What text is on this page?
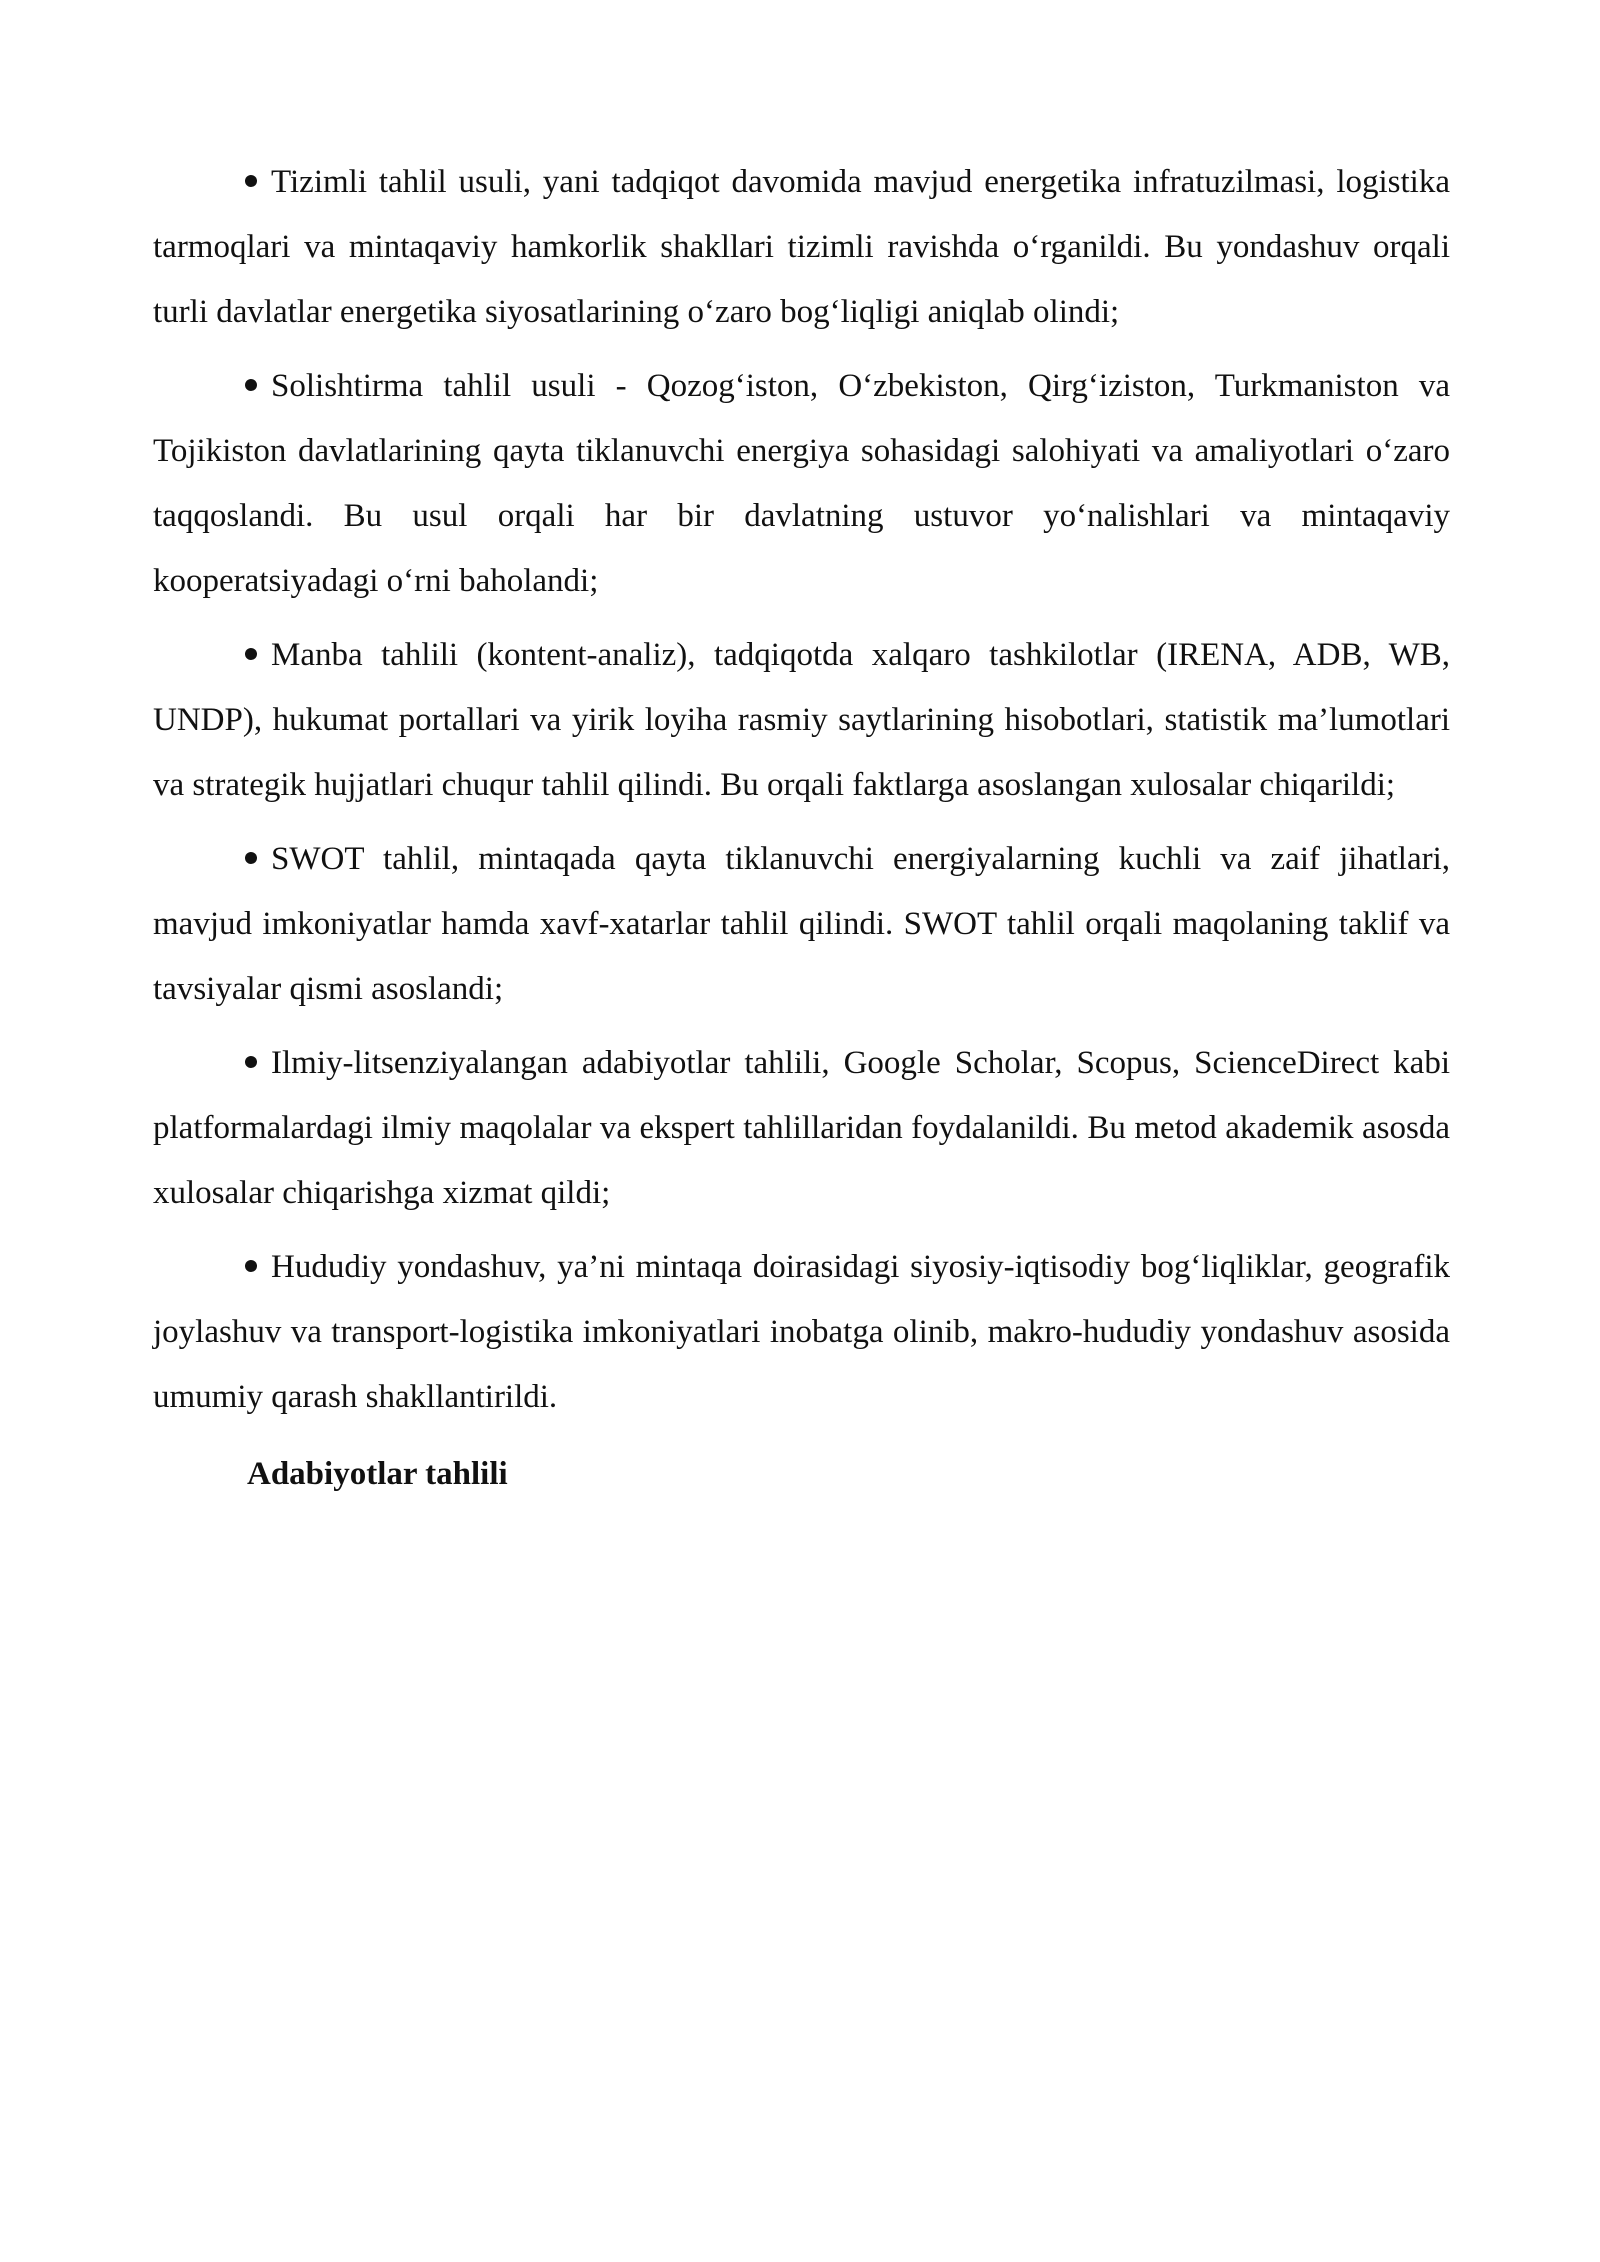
Tizimli tahlil usuli, yani tadqiqot davomida mavjud energetika infratuzilmasi, logistika tarmoqlari va mintaqaviy hamkorlik shakllari tizimli ravishda o‘rganildi. Bu yondashuv orqali turli davlatlar energetika siyosatlarining o‘zaro bog‘liqligi aniqlab olindi;

Solishtirma tahlil usuli - Qozog‘iston, O‘zbekiston, Qirg‘iziston, Turkmaniston va Tojikiston davlatlarining qayta tiklanuvchi energiya sohasidagi salohiyati va amaliyotlari o‘zaro taqqoslandi. Bu usul orqali har bir davlatning ustuvor yo‘nalishlari va mintaqaviy kooperatsiyadagi o‘rni baholandi;

Manba tahlili (kontent-analiz), tadqiqotda xalqaro tashkilotlar (IRENA, ADB, WB, UNDP), hukumat portallari va yirik loyiha rasmiy saytlarining hisobotlari, statistik ma’lumotlari va strategik hujjatlari chuqur tahlil qilindi. Bu orqali faktlarga asoslangan xulosalar chiqarildi;

SWOT tahlil, mintaqada qayta tiklanuvchi energiyalarning kuchli va zaif jihatlari, mavjud imkoniyatlar hamda xavf-xatarlar tahlil qilindi. SWOT tahlil orqali maqolaning taklif va tavsiyalar qismi asoslandi;

Ilmiy-litsenziyalangan adabiyotlar tahlili, Google Scholar, Scopus, ScienceDirect kabi platformalardagi ilmiy maqolalar va ekspert tahlillaridan foydalanildi. Bu metod akademik asosda xulosalar chiqarishga xizmat qildi;

Hududiy yondashuv, ya’ni mintaqa doirasidagi siyosiy-iqtisodiy bog‘liqliklar, geografik joylashuv va transport-logistika imkoniyatlari inobatga olinib, makro-hududiy yondashuv asosida umumiy qarash shakllantirildi.

Adabiyotlar tahlili
